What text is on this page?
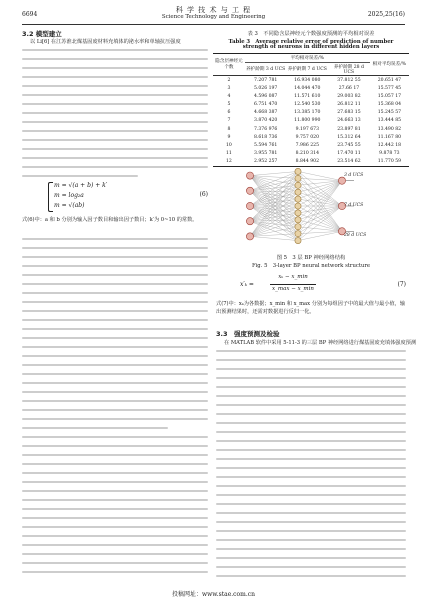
6694
科 学 技 术 与 工 程
Science Technology and Engineering	2025,25(16)
3.2 模型建立
以 Li[6] 在江苏淮北煤基固废材料充填体的泌水率和单轴抗压强度
m = √(a + b) + k′
m = log₂a
m = √(ab)
(6)
式(6)中：a 和 b 分别为输入因子数目和输出因子数目；k′为 0~10 的常数。
表 3　不同隐含层神经元个数强度预测的平均相对误差
Table 3　Average relative error of prediction of number
strength of neurons in different hidden layers
隐含层神经元个数	平均相对误差/%			相对平均误差/%
	养护龄期 3 d UCS	养护龄期 7 d UCS	养护龄期 28 d UCS	
2	7.207 781	16.934 080	37.812 55	20.651 47
3	5.026 197	14.044 470	27.66 17	15.577 45
4	4.596 087	11.571 610	29.003 82	15.057 17
5	6.751 470	12.540 530	26.812 11	15.368 04
6	4.668 387	13.385 170	27.683 15	15.245 57
7	3.870 420	11.800 990	24.663 13	13.444 85
8	7.376 976	9.197 673	23.897 81	13.490 82
9	8.618 736	9.757 020	15.312 64	11.167 80
10	5.594 761	7.986 225	23.745 55	12.442 18
11	3.955 781	8.210 314	17.470 11	9.878 73
12	2.952 257	8.844 902	23.514 62	11.770 59
3 d UCS
7 d UCS
28 d UCS
图 5　3 层 BP 神经网络结构
Fig. 5　3-layer BP neural network structure
x′ₖ =
xₖ − x_min
x_max − x_min
(7)
式(7)中：xₖ为各数据；x_min 和 x_max 分别为每组因子中的最大值与最小值，输出预测结果时，还需对数据进行反归一化。
3.3　强度预测及检验
在 MATLAB 软件中采用 5-11-3 的三层 BP 神经网络进行煤基固废充填体强度预测
投稿网址：www.stae.com.cn
